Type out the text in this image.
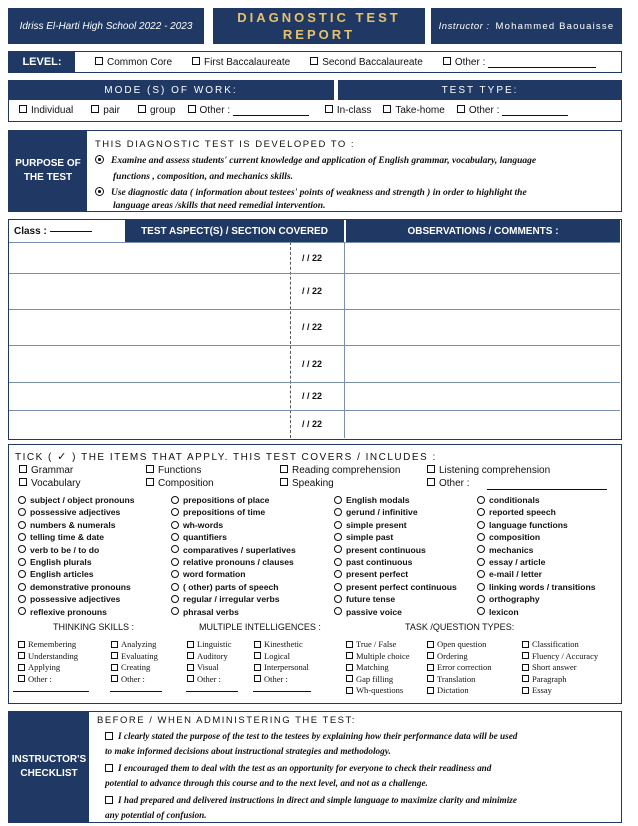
Idriss El-Harti High School 2022 - 2023
DIAGNOSTIC TEST
REPORT
Instructor : Mohammed Baouaisse
LEVEL:	Common Core	First Baccalaureate	Second Baccalaureate	Other :
MODE (S) OF WORK:	TEST TYPE:
Individual	pair	group	Other :	In-class	Take-home	Other :
PURPOSE OF
THE TEST
THIS DIAGNOSTIC TEST IS DEVELOPED TO :
Examine and assess students' current knowledge and application of English grammar, vocabulary, language
functions , composition, and mechanics skills.
Use diagnostic data ( information about testees' points of weakness and strength ) in order to highlight the
language areas /skills that need remedial intervention.
Class :
	TEST ASPECT(S) / SECTION COVERED	OBSERVATIONS / COMMENTS :
/ / 22
/ / 22
/ / 22
/ / 22
/ / 22
/ / 22
TICK ( ✓ ) THE ITEMS THAT APPLY. THIS TEST COVERS / INCLUDES :
Grammar
Vocabulary
Functions
Composition
Reading comprehension
Speaking
Listening comprehension
Other :
subject / object pronouns
possessive adjectives
numbers & numerals
telling time & date
verb to be / to do
English plurals
English articles
demonstrative pronouns
possessive adjectives
reflexive pronouns
prepositions of place
prepositions of time
wh-words
quantifiers
comparatives / superlatives
relative pronouns / clauses
word formation
( other) parts of speech
regular / irregular verbs
phrasal verbs
English modals
gerund / infinitive
simple present
simple past
present continuous
past continuous
present perfect
present perfect continuous
future tense
passive voice
conditionals
reported speech
language functions
composition
mechanics
essay / article
e-mail / letter
linking words / transitions
orthography
lexicon
THINKING SKILLS :	MULTIPLE INTELLIGENCES :	TASK /QUESTION TYPES:
Remembering
Understanding
Applying
Other :
Analyzing
Evaluating
Creating
Other :
Linguistic
Auditory
Visual
Other :
Kinesthetic
Logical
Interpersonal
Other :
True / False
Multiple choice
Matching
Gap filling
Wh-questions
Open question
Ordering
Error correction
Translation
Dictation
Classification
Fluency / Accuracy
Short answer
Paragraph
Essay
INSTRUCTOR'S
CHECKLIST
BEFORE / WHEN ADMINISTERING THE TEST:
I clearly stated the purpose of the test to the testees by explaining how their performance data will be used
to make informed decisions about instructional strategies and methodology.
I encouraged them to deal with the test as an opportunity for everyone to check their readiness and
potential to advance through this course and to the next level, and not as a challenge.
I had prepared and delivered instructions in direct and simple language to maximize clarity and minimize
any potential of confusion.
